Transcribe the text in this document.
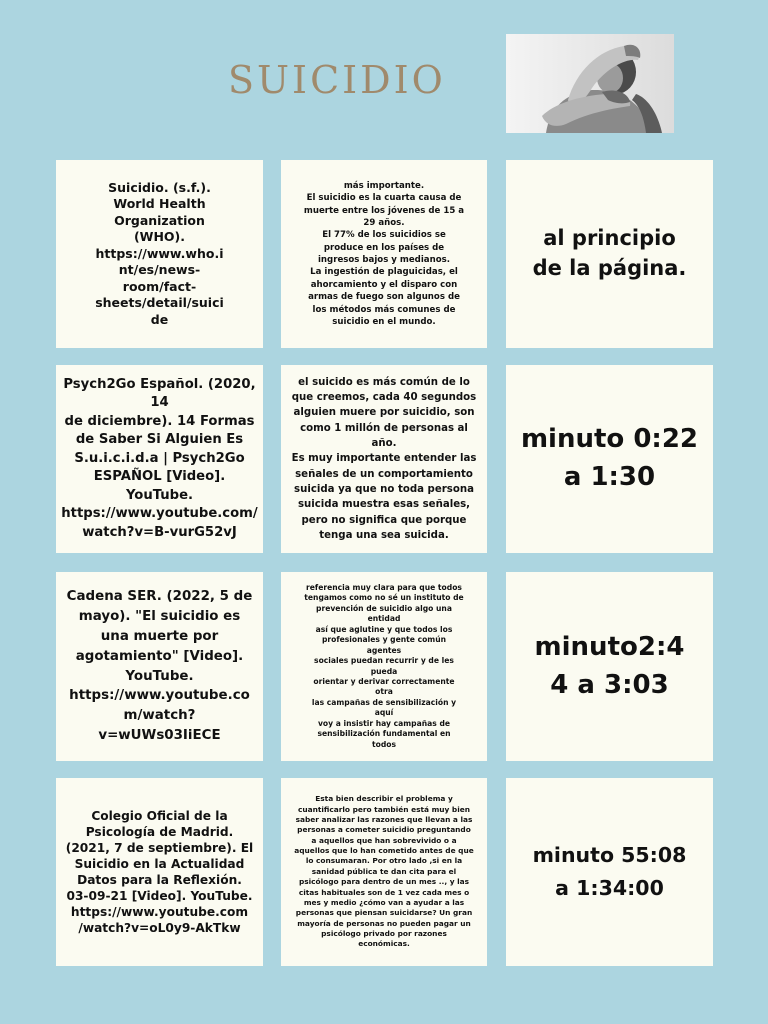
SUICIDIO
Suicidio. (s.f.).
World Health
Organization
(WHO).
https://www.who.i
nt/es/news-
room/fact-
sheets/detail/suici
de
más importante.
El suicidio es la cuarta causa de
muerte entre los jóvenes de 15 a
29 años.
El 77% de los suicidios se
produce en los países de
ingresos bajos y medianos.
La ingestión de plaguicidas, el
ahorcamiento y el disparo con
armas de fuego son algunos de
los métodos más comunes de
suicidio en el mundo.
al principio
de la página.
Psych2Go Español. (2020, 14
de diciembre). 14 Formas
de Saber Si Alguien Es
S.u.i.c.i.d.a | Psych2Go
ESPAÑOL [Video]. YouTube.
https://www.youtube.com/
watch?v=B-vurG52vJ
el suicido es más común de lo
que creemos, cada 40 segundos
alguien muere por suicidio, son
como 1 millón de personas al
año.
Es muy importante entender las
señales de un comportamiento
suicida ya que no toda persona
suicida muestra esas señales,
pero no significa que porque
tenga una sea suicida.
minuto 0:22
a 1:30
Cadena SER. (2022, 5 de
mayo). "El suicidio es
una muerte por
agotamiento" [Video].
YouTube.
https://www.youtube.co
m/watch?
v=wUWs03IiECE
referencia muy clara para que todos
tengamos como no sé un instituto de
prevención de suicidio algo una
entidad
así que aglutine y que todos los
profesionales y gente común
agentes
sociales puedan recurrir y de les
pueda
orientar y derivar correctamente
otra
las campañas de sensibilización y
aquí
voy a insistir hay campañas de
sensibilización fundamental en
todos
minuto2:4
4 a 3:03
Colegio Oficial de la
Psicología de Madrid.
(2021, 7 de septiembre). El
Suicidio en la Actualidad
Datos para la Reflexión.
03-09-21 [Video]. YouTube.
https://www.youtube.com
/watch?v=oL0y9-AkTkw
Esta bien describir el problema y
cuantificarlo pero también está muy bien
saber analizar las razones que llevan a las
personas a cometer suicidio preguntando
a aquellos que han sobrevivido o a
aquellos que lo han cometido antes de que
lo consumaran. Por otro lado ,si en la
sanidad pública te dan cita para el
psicólogo para dentro de un mes .., y las
citas habituales son de 1 vez cada mes o
mes y medio ¿cómo van a ayudar a las
personas que piensan suicidarse? Un gran
mayoría de personas no pueden pagar un
psicólogo privado por razones
económicas.
minuto 55:08
a 1:34:00
